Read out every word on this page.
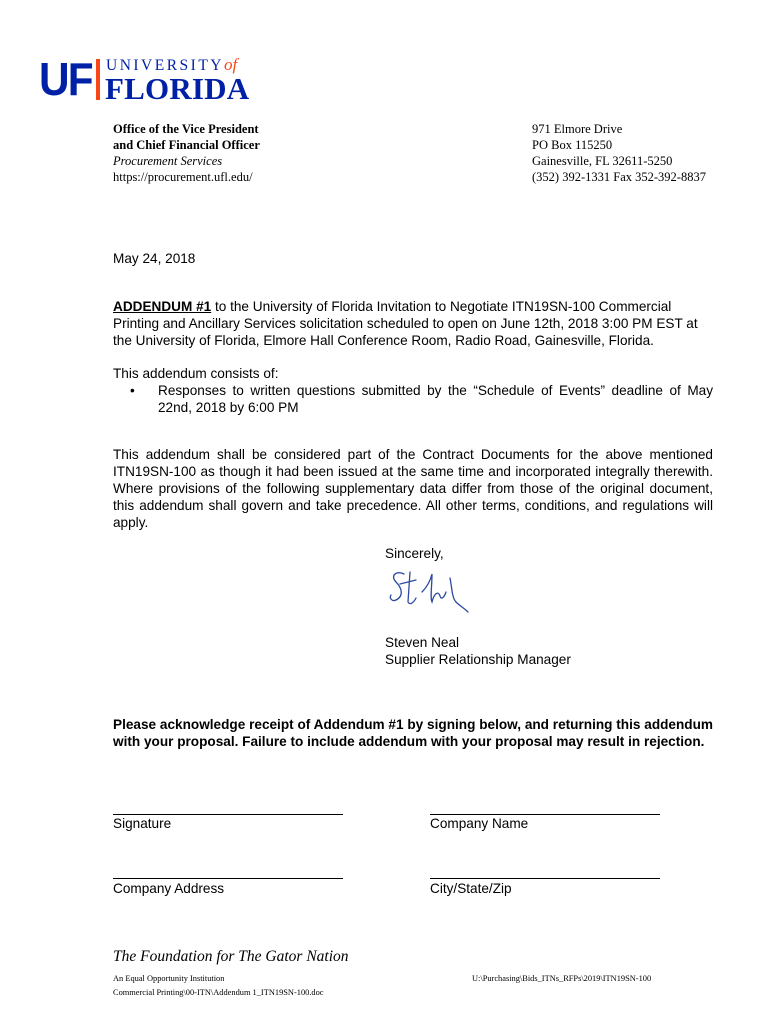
UF UNIVERSITYof
FLORIDA
Office of the Vice President
and Chief Financial Officer
Procurement Services
https://procurement.ufl.edu/
971 Elmore Drive
PO Box 115250
Gainesville, FL 32611-5250
(352) 392-1331 Fax 352-392-8837
May 24, 2018
ADDENDUM #1 to the University of Florida Invitation to Negotiate ITN19SN-100 Commercial Printing and Ancillary Services solicitation scheduled to open on June 12th, 2018 3:00 PM EST at the University of Florida, Elmore Hall Conference Room, Radio Road, Gainesville, Florida.
This addendum consists of:
• Responses to written questions submitted by the “Schedule of Events” deadline of May 22nd, 2018 by 6:00 PM
This addendum shall be considered part of the Contract Documents for the above mentioned ITN19SN-100 as though it had been issued at the same time and incorporated integrally therewith. Where provisions of the following supplementary data differ from those of the original document, this addendum shall govern and take precedence. All other terms, conditions, and regulations will apply.
Sincerely,
Steven Neal
Supplier Relationship Manager
Please acknowledge receipt of Addendum #1 by signing below, and returning this addendum with your proposal. Failure to include addendum with your proposal may result in rejection.
Signature	Company Name
Company Address	City/State/Zip
The Foundation for The Gator Nation
An Equal Opportunity Institution
Commercial Printing\00-ITN\Addendum 1_ITN19SN-100.doc
U:\Purchasing\Bids_ITNs_RFPs\2019\ITN19SN-100
